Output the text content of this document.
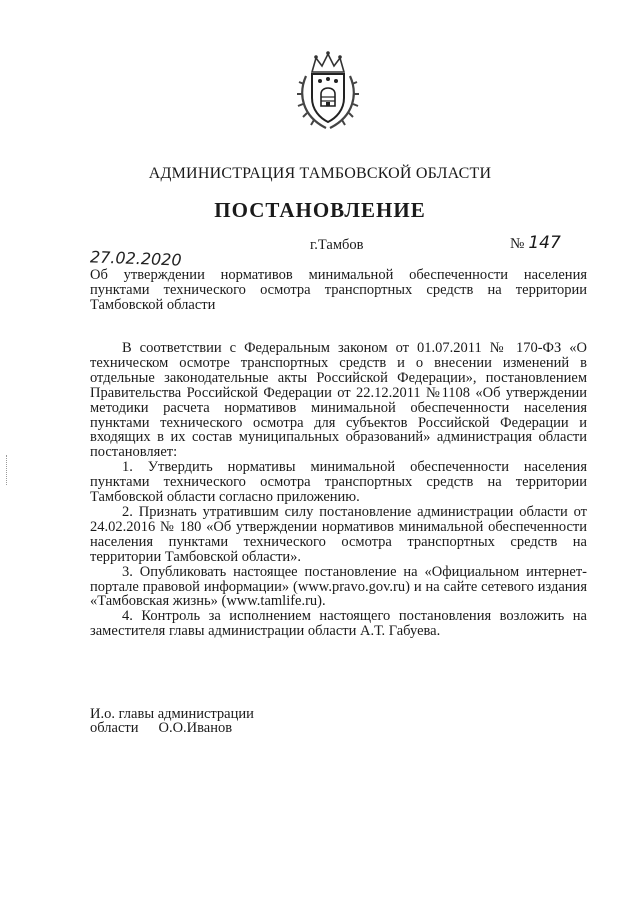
АДМИНИСТРАЦИЯ ТАМБОВСКОЙ ОБЛАСТИ
ПОСТАНОВЛЕНИЕ
27.02.2020
г.Тамбов	№ 147
Об утверждении нормативов минимальной обеспеченности населения пунктами технического осмотра транспортных средств на территории Тамбовской области

В соответствии с Федеральным законом от 01.07.2011 № 170-ФЗ «О техническом осмотре транспортных средств и о внесении изменений в отдельные законодательные акты Российской Федерации», постановлением Правительства Российской Федерации от 22.12.2011 №1108 «Об утверждении методики расчета нормативов минимальной обеспеченности населения пунктами технического осмотра для субъектов Российской Федерации и входящих в их состав муниципальных образований» администрация области постановляет:

1. Утвердить нормативы минимальной обеспеченности населения пунктами технического осмотра транспортных средств на территории Тамбовской области согласно приложению.

2. Признать утратившим силу постановление администрации области от 24.02.2016 № 180 «Об утверждении нормативов минимальной обеспеченности населения пунктами технического осмотра транспортных средств на территории Тамбовской области».

3. Опубликовать настоящее постановление на «Официальном интернет-портале правовой информации» (www.pravo.gov.ru) и на сайте сетевого издания «Тамбовская жизнь» (www.tamlife.ru).

4. Контроль за исполнением настоящего постановления возложить на заместителя главы администрации области А.Т. Габуева.

И.о. главы администрации
области О.О.Иванов
